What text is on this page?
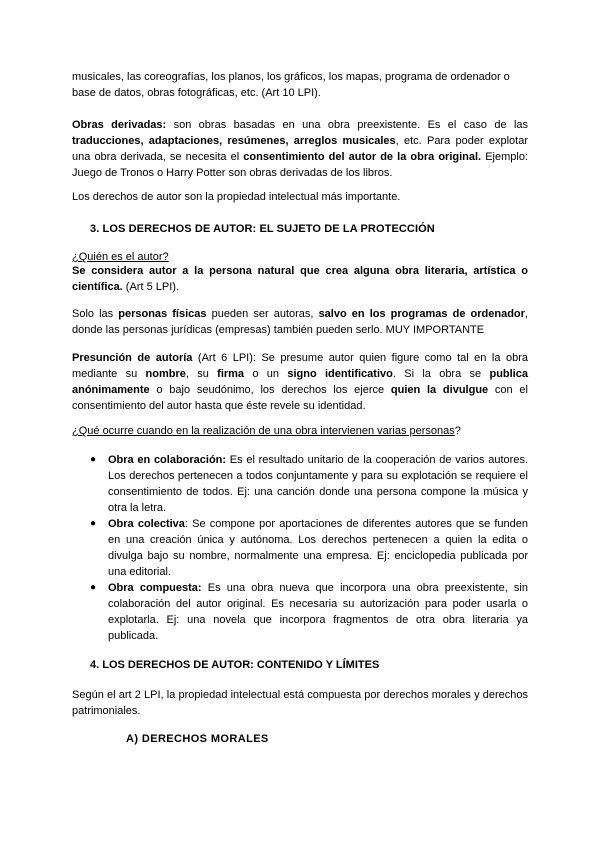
musicales, las coreografías, los planos, los gráficos, los mapas, programa de ordenador o
base de datos, obras fotográficas, etc. (Art 10 LPI).

Obras derivadas: son obras basadas en una obra preexistente. Es el caso de las traducciones, adaptaciones, resúmenes, arreglos musicales, etc. Para poder explotar una obra derivada, se necesita el consentimiento del autor de la obra original. Ejemplo: Juego de Tronos o Harry Potter son obras derivadas de los libros.

Los derechos de autor son la propiedad intelectual más importante.

3. LOS DERECHOS DE AUTOR: EL SUJETO DE LA PROTECCIÓN

¿Quién es el autor?

Se considera autor a la persona natural que crea alguna obra literaria, artística o científica. (Art 5 LPI).

Solo las personas físicas pueden ser autoras, salvo en los programas de ordenador, donde las personas jurídicas (empresas) también pueden serlo. MUY IMPORTANTE

Presunción de autoría (Art 6 LPI): Se presume autor quien figure como tal en la obra mediante su nombre, su firma o un signo identificativo. Si la obra se publica anónimamente o bajo seudónimo, los derechos los ejerce quien la divulgue con el consentimiento del autor hasta que éste revele su identidad.

¿Qué ocurre cuando en la realización de una obra intervienen varias personas?

● Obra en colaboración: Es el resultado unitario de la cooperación de varios autores. Los derechos pertenecen a todos conjuntamente y para su explotación se requiere el consentimiento de todos. Ej: una canción donde una persona compone la música y otra la letra.
● Obra colectiva: Se compone por aportaciones de diferentes autores que se funden en una creación única y autónoma. Los derechos pertenecen a quien la edita o divulga bajo su nombre, normalmente una empresa. Ej: enciclopedia publicada por una editorial.
● Obra compuesta: Es una obra nueva que incorpora una obra preexistente, sin colaboración del autor original. Es necesaria su autorización para poder usarla o explotarla. Ej: una novela que incorpora fragmentos de otra obra literaria ya publicada.
4. LOS DERECHOS DE AUTOR: CONTENIDO Y LÍMITES

Según el art 2 LPI, la propiedad intelectual está compuesta por derechos morales y derechos patrimoniales.

A) DERECHOS MORALES
